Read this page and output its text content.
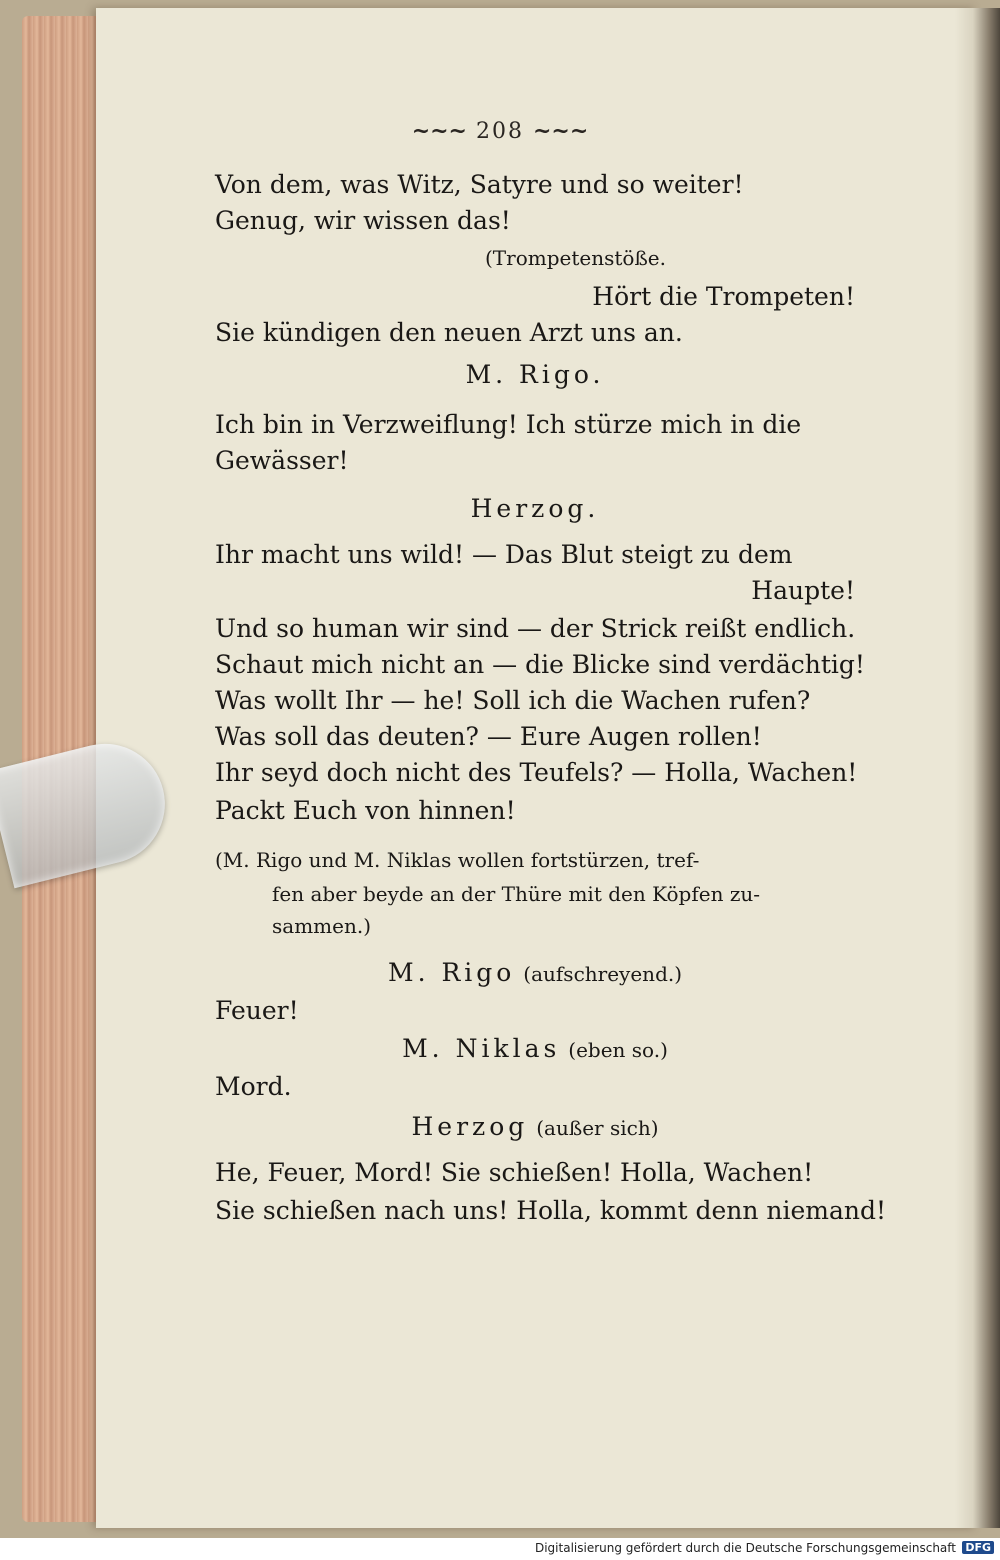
~~~ 208 ~~~
Von dem, was Witz, Satyre und so weiter!
Genug, wir wissen das!
(Trompetenstöße.
Hört die Trompeten!
Sie kündigen den neuen Arzt uns an.
M. Rigo.
Ich bin in Verzweiflung! Ich stürze mich in die
Gewässer!
Herzog.
Ihr macht uns wild! — Das Blut steigt zu dem
Haupte!
Und so human wir sind — der Strick reißt endlich.
Schaut mich nicht an — die Blicke sind verdächtig!
Was wollt Ihr — he! Soll ich die Wachen rufen?
Was soll das deuten? — Eure Augen rollen!
Ihr seyd doch nicht des Teufels? — Holla, Wachen!
Packt Euch von hinnen!
(M. Rigo und M. Niklas wollen fortstürzen, tref-
fen aber beyde an der Thüre mit den Köpfen zu-
sammen.)
M. Rigo (aufschreyend.)
Feuer!
M. Niklas (eben so.)
Mord.
Herzog (außer sich)
He, Feuer, Mord! Sie schießen! Holla, Wachen!
Sie schießen nach uns! Holla, kommt denn niemand!
Digitalisierung gefördert durch die Deutsche Forschungsgemeinschaft DFG
